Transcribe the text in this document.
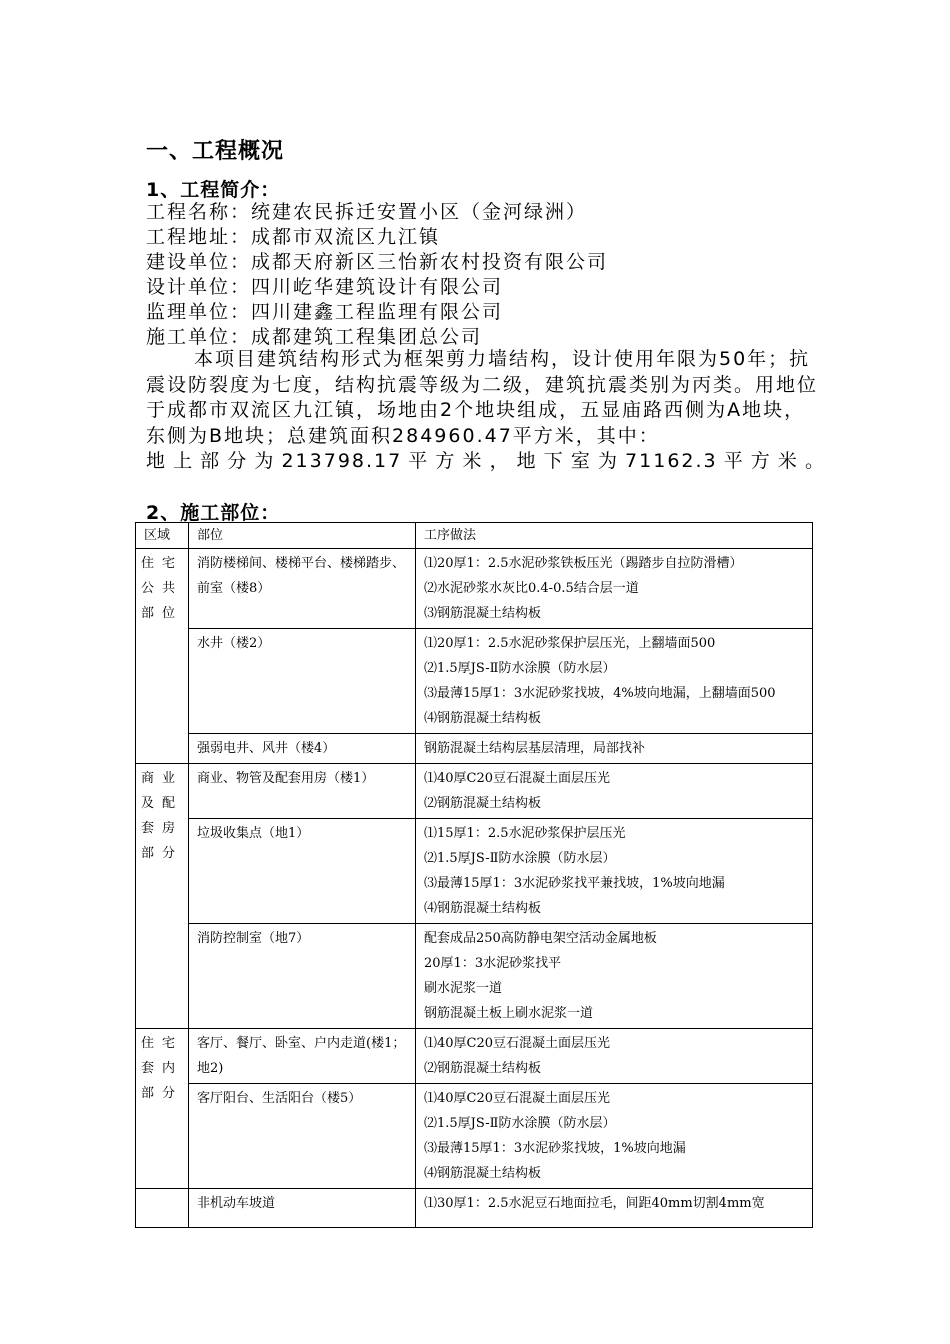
一、工程概况
1、工程简介：
工程名称：统建农民拆迁安置小区（金河绿洲）
工程地址：成都市双流区九江镇
建设单位：成都天府新区三怡新农村投资有限公司
设计单位：四川屹华建筑设计有限公司
监理单位：四川建鑫工程监理有限公司
施工单位：成都建筑工程集团总公司
本项目建筑结构形式为框架剪力墙结构，设计使用年限为50年；抗震设防裂度为七度，结构抗震等级为二级，建筑抗震类别为丙类。用地位于成都市双流区九江镇，场地由2个地块组成，五显庙路西侧为A地块，东侧为B地块；总建筑面积284960.47平方米，其中：
地上部分为213798.17平方米，地下室为71162.3平方米。
2、施工部位：
区域	部位	工序做法
住宅公共部位	消防楼梯间、楼梯平台、楼梯踏步、前室（楼8）	⑴20厚1：2.5水泥砂浆铁板压光（踢踏步自拉防滑槽）
⑵水泥砂浆水灰比0.4-0.5结合层一道
⑶钢筋混凝土结构板

	水井（楼2）	⑴20厚1：2.5水泥砂浆保护层压光，上翻墙面500
⑵1.5厚JS-Ⅱ防水涂膜（防水层）
⑶最薄15厚1：3水泥砂浆找坡，4%坡向地漏，上翻墙面500
⑷钢筋混凝土结构板

	强弱电井、风井（楼4）	钢筋混凝土结构层基层清理，局部找补

商业及配套房部分	商业、物管及配套用房（楼1）	⑴40厚C20豆石混凝土面层压光
⑵钢筋混凝土结构板

	垃圾收集点（地1）	⑴15厚1：2.5水泥砂浆保护层压光
⑵1.5厚JS-Ⅱ防水涂膜（防水层）
⑶最薄15厚1：3水泥砂浆找平兼找坡，1%坡向地漏
⑷钢筋混凝土结构板

	消防控制室（地7）	配套成品250高防静电架空活动金属地板
20厚1：3水泥砂浆找平
刷水泥浆一道
钢筋混凝土板上刷水泥浆一道

住宅套内部分	客厅、餐厅、卧室、户内走道(楼1；地2)	⑴40厚C20豆石混凝土面层压光
⑵钢筋混凝土结构板

	客厅阳台、生活阳台（楼5）	⑴40厚C20豆石混凝土面层压光
⑵1.5厚JS-Ⅱ防水涂膜（防水层）
⑶最薄15厚1：3水泥砂浆找坡，1%坡向地漏
⑷钢筋混凝土结构板

	非机动车坡道	⑴30厚1：2.5水泥豆石地面拉毛，间距40mm切割4mm宽
